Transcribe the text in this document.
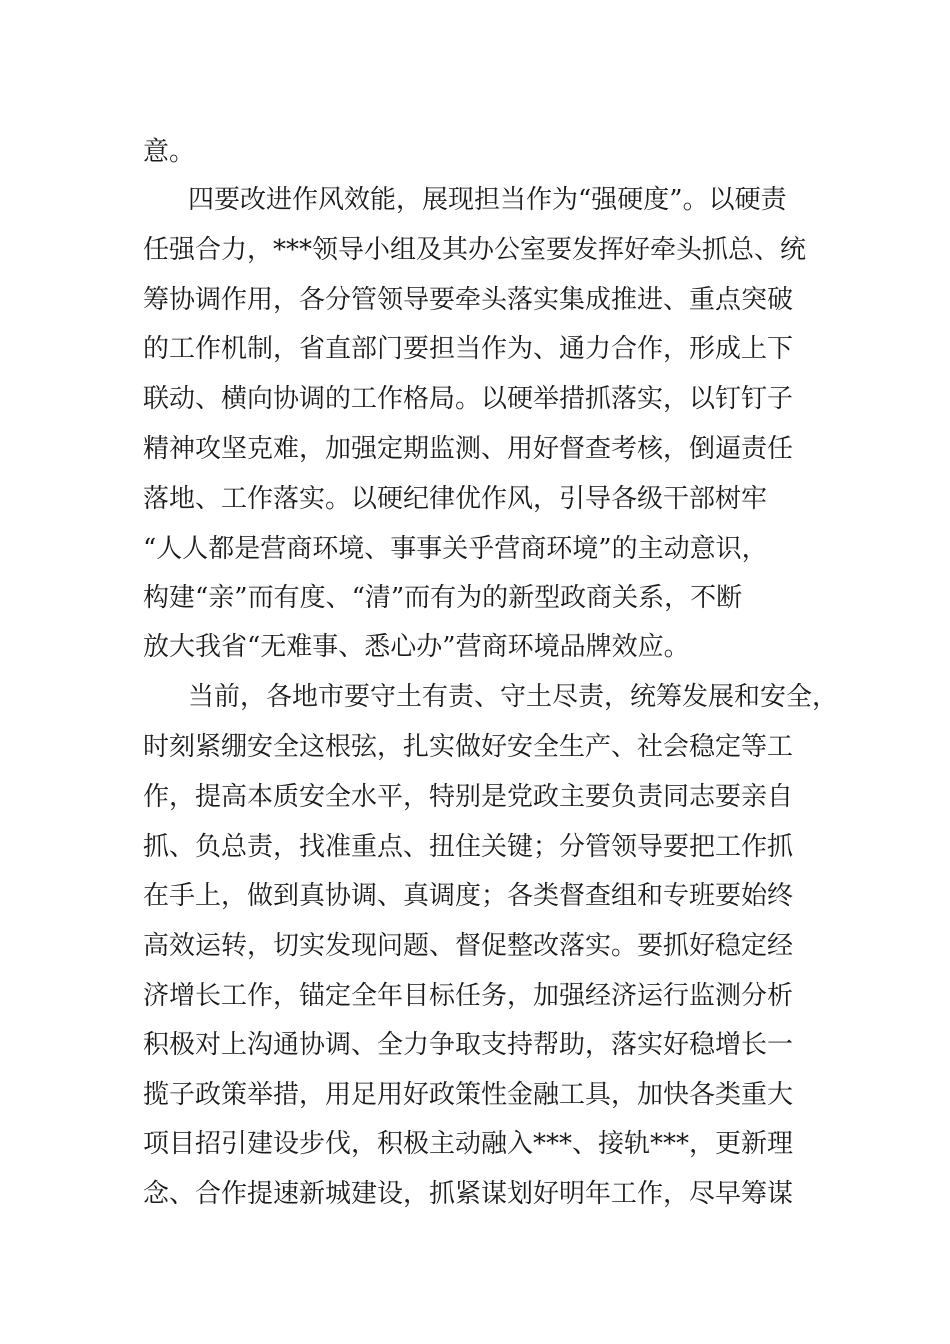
意。
四要改进作风效能，展现担当作为“强硬度”。以硬责
任强合力，***领导小组及其办公室要发挥好牵头抓总、统
筹协调作用，各分管领导要牵头落实集成推进、重点突破
的工作机制，省直部门要担当作为、通力合作，形成上下
联动、横向协调的工作格局。以硬举措抓落实，以钉钉子
精神攻坚克难，加强定期监测、用好督查考核，倒逼责任
落地、工作落实。以硬纪律优作风，引导各级干部树牢
“人人都是营商环境、事事关乎营商环境”的主动意识，
构建“亲”而有度、“清”而有为的新型政商关系，不断
放大我省“无难事、悉心办”营商环境品牌效应。
当前，各地市要守土有责、守土尽责，统筹发展和安全，
时刻紧绷安全这根弦，扎实做好安全生产、社会稳定等工
作，提高本质安全水平，特别是党政主要负责同志要亲自
抓、负总责，找准重点、扭住关键；分管领导要把工作抓
在手上，做到真协调、真调度；各类督查组和专班要始终
高效运转，切实发现问题、督促整改落实。要抓好稳定经
济增长工作，锚定全年目标任务，加强经济运行监测分析
积极对上沟通协调、全力争取支持帮助，落实好稳增长一
揽子政策举措，用足用好政策性金融工具，加快各类重大
项目招引建设步伐，积极主动融入***、接轨***，更新理
念、合作提速新城建设，抓紧谋划好明年工作，尽早筹谋
